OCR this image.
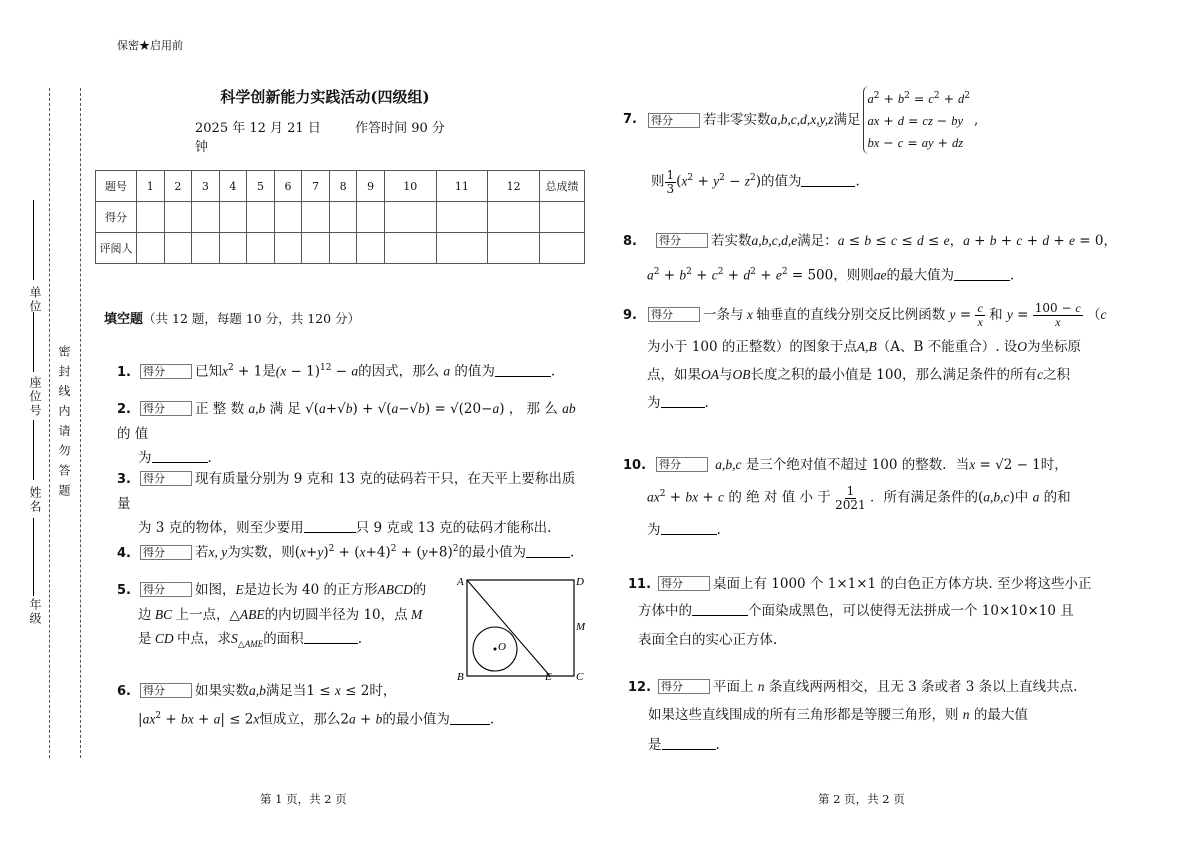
密 封 线 内 请 勿 答 题
单位
座位号
姓名
年级
保密★启用前
科学创新能力实践活动(四级组)
2025 年 12 月 21 日	作答时间 90 分钟
题号	1	2	3	4	5	6	7	8	9	10	11	12	总成绩
得分													
评阅人													
填空题（共 12 题，每题 10 分，共 120 分）
1. 得分 已知$x^2 + 1$是$(x - 1)^{12} - a$的因式，那么 a 的值为	.
2. 得分 正 整 数 a,b 满 足 √(a+√b) + √(a−√b) = √(20−a) ， 那 么 ab 的 值
为	.
3. 得分 现有质量分别为 9 克和 13 克的砝码若干只，在天平上要称出质量
为 3 克的物体，则至少要用	只 9 克或 13 克的砝码才能称出.
4. 得分 若x, y为实数，则$(x+y)^2 + (x+4)^2 + (y+8)^2$的最小值为	.
5. 得分 如图，E是边长为 40 的正方形ABCD的
边 BC 上一点，△ABE的内切圆半径为 10，点 M
是 CD 中点，求$S_{\triangle AME}$的面积	.
A	D
M
O
B	E C
6. 得分 如果实数a,b满足当1 ≤ x ≤ 2时，
$|ax^2$ + bx + a| ≤ 2x恒成立，那么2a + b的最小值为	.
第 1 页，共 2 页
7.	得分	若非零实数 a,b,c,d,x,y,z 满足
$a^2 + b^2 = c^2 + d^2$
ax + d = cz − by
bx − c = ay + dz
,
则 $\frac{1}{3} (x^2 + y^2 - z^2)$的值为	.
8. 得分 若实数a,b,c,d,e满足：a ≤ b ≤ c ≤ d ≤ e，a + b + c + d + e = 0，

$a^2 + b^2 + c^2 + d^2 + e^2 = 500$，则则ae的最大值为	.
9. 得分 一条与 x 轴垂直的直线分别交反比例函数 $y = \frac{c}{x}$ 和 $y = \frac{100 - c}{x} (c$

为小于 100 的正整数）的图象于点A,B（A、B 不能重合）. 设O为坐标原
点，如果OA与OB长度之积的最小值是 100，那么满足条件的所有c之积
为	.
10. 得分	a,b,c 是三个绝对值不超过 100 的整数．当x = √2 − 1时，

$ax^2$ + bx + c 的 绝 对 值 小 于 $\frac{1}{2021}$ ．所有满足条件的(a,b,c)中 a 的和
为	.
11. 得分 桌面上有 1000 个 1×1×1 的白色正方体方块. 至少将这些小正

方体中的	个面染成黑色，可以使得无法拼成一个 10×10×10 且
表面全白的实心正方体.
12. 得分 平面上 n 条直线两两相交，且无 3 条或者 3 条以上直线共点.

如果这些直线围成的所有三角形都是等腰三角形，则 n 的最大值
是	.
第 2 页，共 2 页
